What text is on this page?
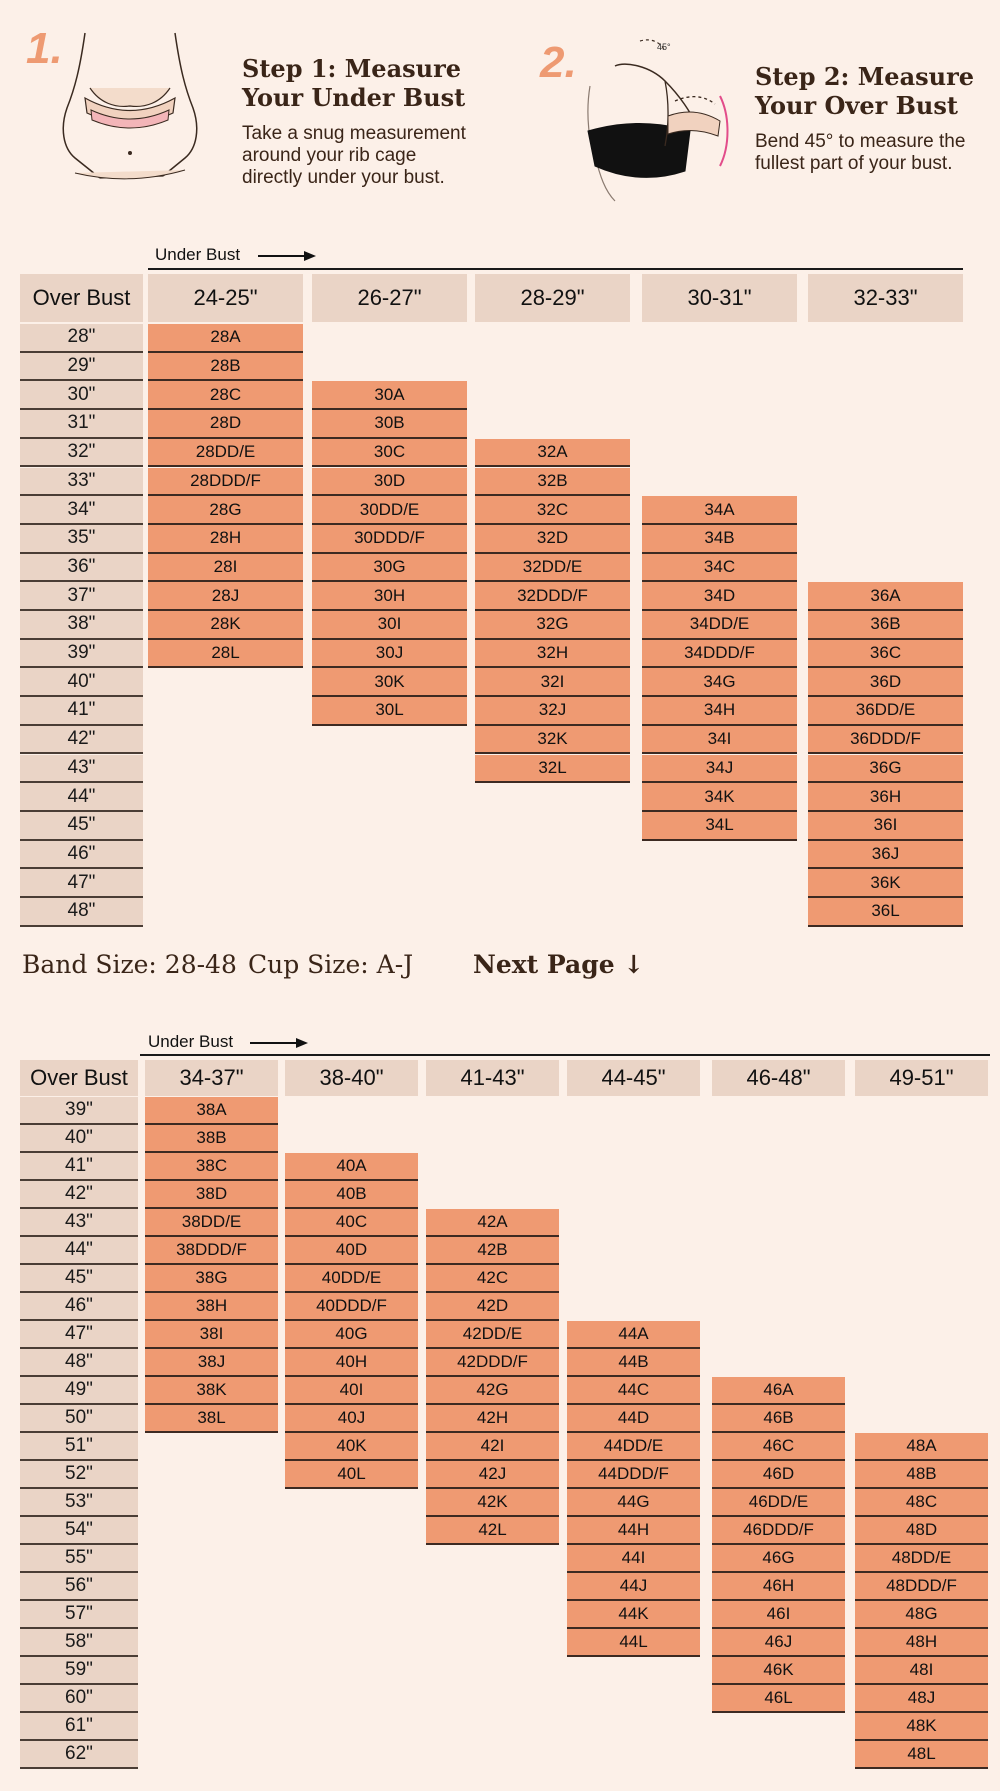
1.	Step 1: Measure
Your Under Bust
Take a snug measurement
around your rib cage
directly under your bust.
2.	45°
Step 2: Measure
Your Over Bust
Bend 45° to measure the
fullest part of your bust.
Under Bust
Over Bust
28"
29"
30"
31"
32"
33"
34"
35"
36"
37"
38"
39"
40"
41"
42"
43"
44"
45"
46"
47"
48"
24-25"
28A
28B
28C
28D
28DD/E
28DDD/F
28G
28H
28I
28J
28K
28L
26-27"
30A
30B
30C
30D
30DD/E
30DDD/F
30G
30H
30I
30J
30K
30L
28-29"
32A
32B
32C
32D
32DD/E
32DDD/F
32G
32H
32I
32J
32K
32L
30-31"
34A
34B
34C
34D
34DD/E
34DDD/F
34G
34H
34I
34J
34K
34L
32-33"
36A
36B
36C
36D
36DD/E
36DDD/F
36G
36H
36I
36J
36K
36L
Band Size: 28-48 Cup Size: A-J Next Page ↓
Under Bust
Over Bust
39"
40"
41"
42"
43"
44"
45"
46"
47"
48"
49"
50"
51"
52"
53"
54"
55"
56"
57"
58"
59"
60"
61"
62"
34-37"
38A
38B
38C
38D
38DD/E
38DDD/F
38G
38H
38I
38J
38K
38L
38-40"
40A
40B
40C
40D
40DD/E
40DDD/F
40G
40H
40I
40J
40K
40L
41-43"
42A
42B
42C
42D
42DD/E
42DDD/F
42G
42H
42I
42J
42K
42L
44-45"
44A
44B
44C
44D
44DD/E
44DDD/F
44G
44H
44I
44J
44K
44L
46-48"
46A
46B
46C
46D
46DD/E
46DDD/F
46G
46H
46I
46J
46K
46L
49-51"
48A
48B
48C
48D
48DD/E
48DDD/F
48G
48H
48I
48J
48K
48L
